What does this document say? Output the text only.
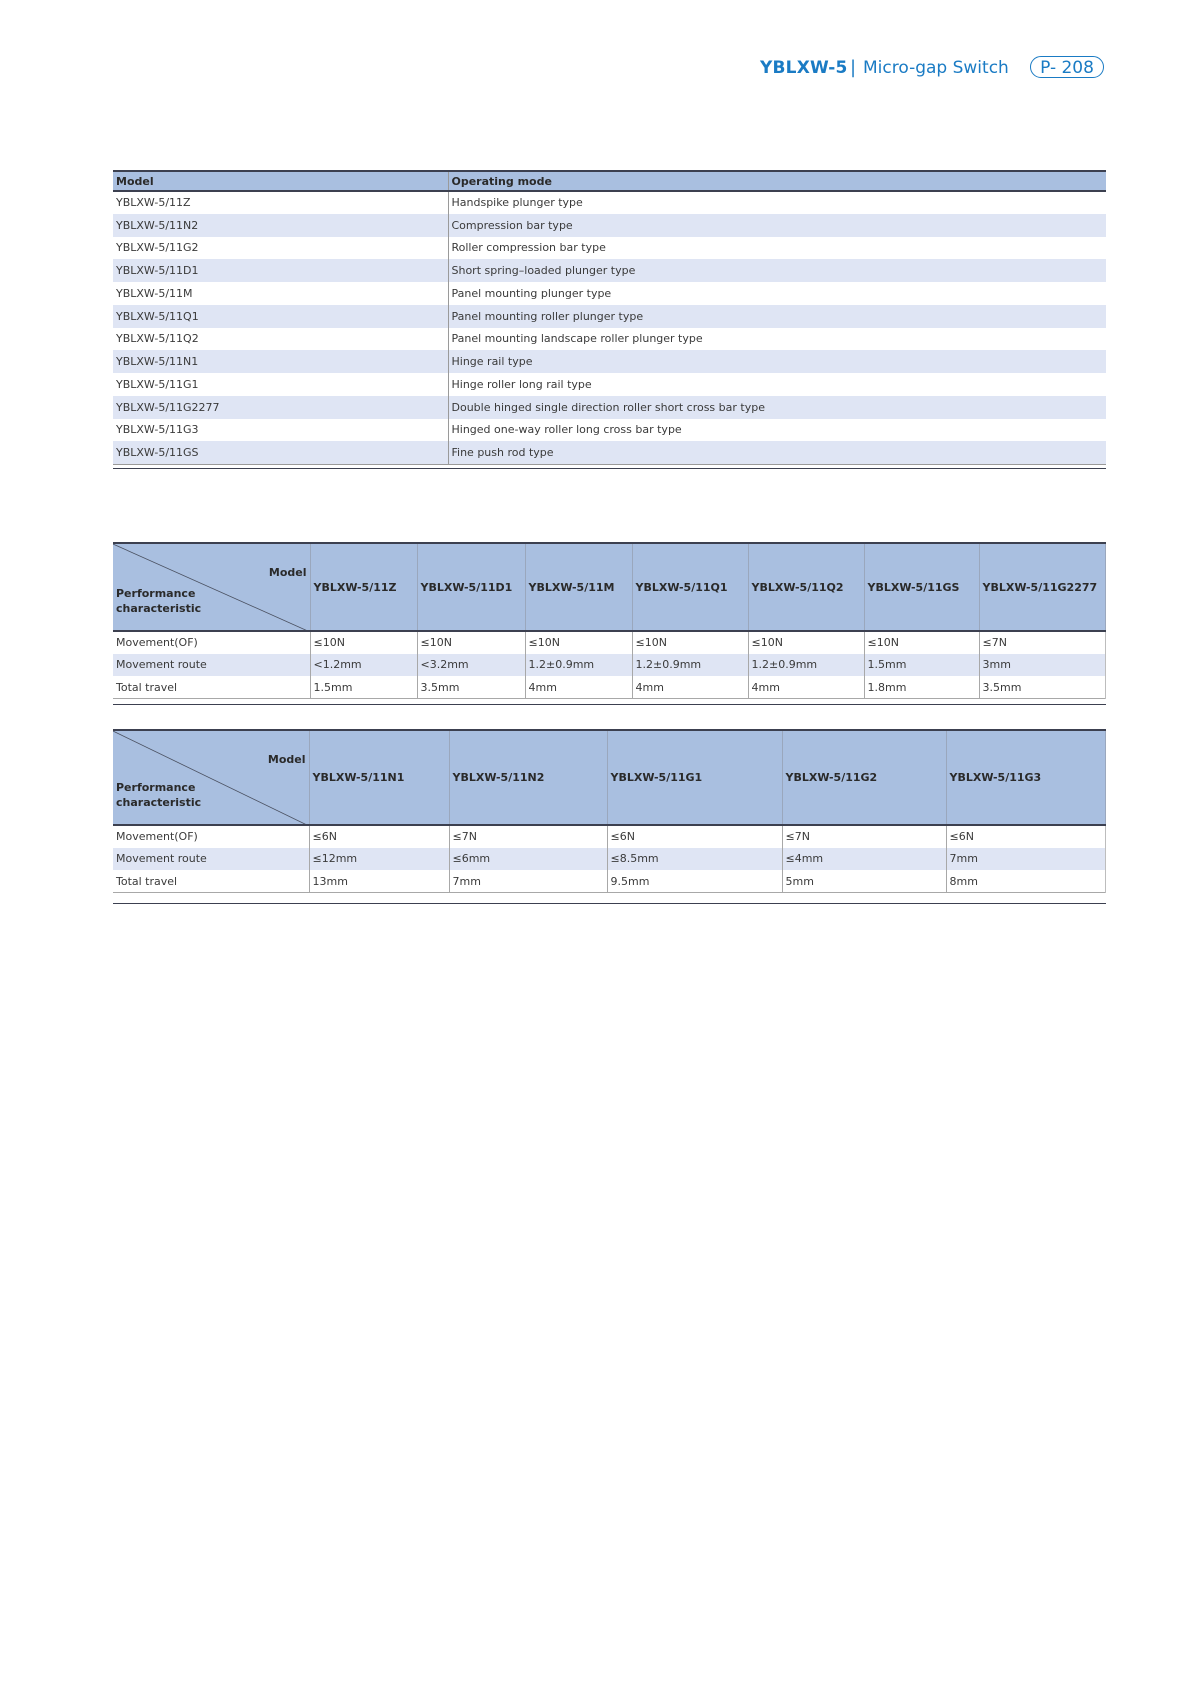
YBLXW-5 | Micro-gap Switch	P- 208
Model	Operating mode
YBLXW-5/11Z	Handspike plunger type
YBLXW-5/11N2	Compression bar type
YBLXW-5/11G2	Roller compression bar type
YBLXW-5/11D1	Short spring–loaded plunger type
YBLXW-5/11M	Panel mounting plunger type
YBLXW-5/11Q1	Panel mounting roller plunger type
YBLXW-5/11Q2	Panel mounting landscape roller plunger type
YBLXW-5/11N1	Hinge rail type
YBLXW-5/11G1	Hinge roller long rail type
YBLXW-5/11G2277	Double hinged single direction roller short cross bar type
YBLXW-5/11G3	Hinged one-way roller long cross bar type
YBLXW-5/11GS	Fine push rod type
Model
Performance characteristic	YBLXW-5/11Z	YBLXW-5/11D1	YBLXW-5/11M	YBLXW-5/11Q1	YBLXW-5/11Q2	YBLXW-5/11GS	YBLXW-5/11G2277
Movement(OF)	≤10N	≤10N	≤10N	≤10N	≤10N	≤10N	≤7N
Movement route	<1.2mm	<3.2mm	1.2±0.9mm	1.2±0.9mm	1.2±0.9mm	1.5mm	3mm
Total travel	1.5mm	3.5mm	4mm	4mm	4mm	1.8mm	3.5mm
Model
Performance characteristic	YBLXW-5/11N1	YBLXW-5/11N2	YBLXW-5/11G1	YBLXW-5/11G2	YBLXW-5/11G3
Movement(OF)	≤6N	≤7N	≤6N	≤7N	≤6N
Movement route	≤12mm	≤6mm	≤8.5mm	≤4mm	7mm
Total travel	13mm	7mm	9.5mm	5mm	8mm
